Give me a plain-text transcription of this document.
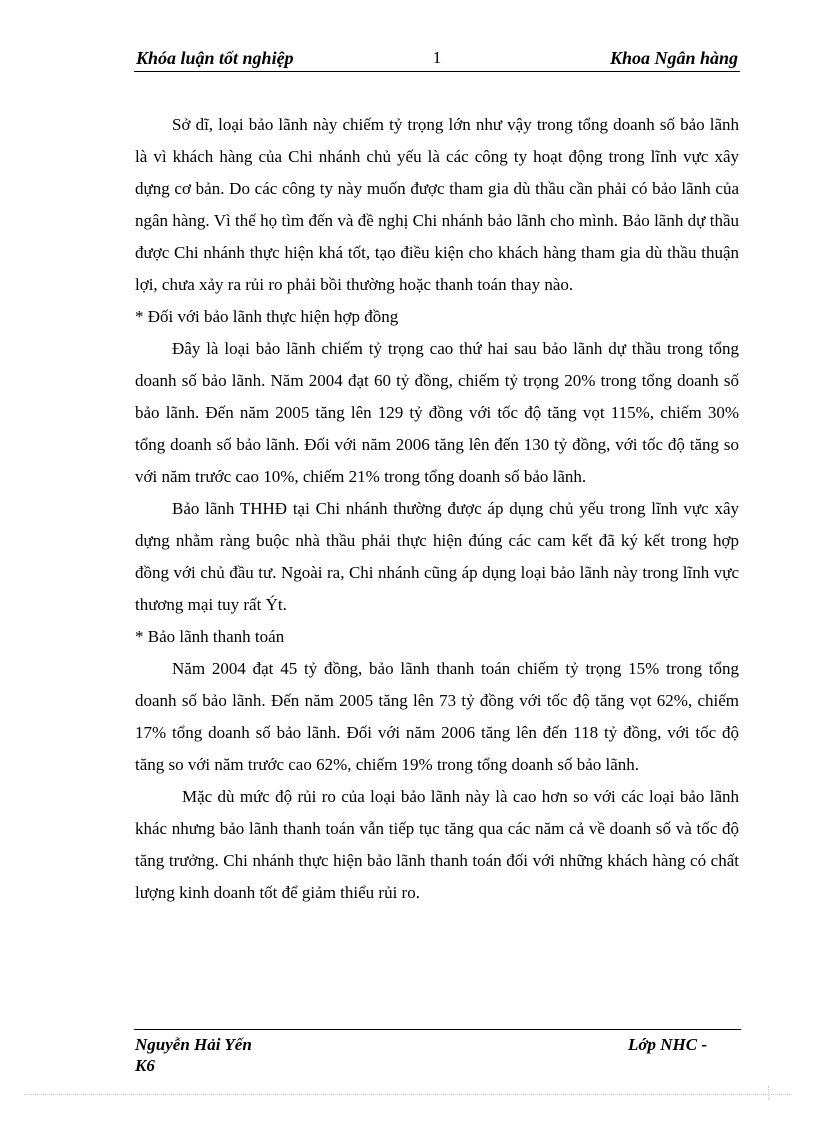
Khóa luận tốt nghiệp	1	Khoa Ngân hàng

Sở dĩ, loại bảo lãnh này chiếm tỷ trọng lớn như vậy trong tổng doanh số bảo lãnh là vì khách hàng của Chi nhánh chủ yếu là các công ty hoạt động trong lĩnh vực xây dựng cơ bản. Do các công ty này muốn được tham gia dù thầu cần phải có bảo lãnh của ngân hàng. Vì thế họ tìm đến và đề nghị Chi nhánh bảo lãnh cho mình. Bảo lãnh dự thầu được Chi nhánh thực hiện khá tốt, tạo điều kiện cho khách hàng tham gia dù thầu thuận lợi, chưa xảy ra rủi ro phải bồi thường hoặc thanh toán thay nào.

* Đối với bảo lãnh thực hiện hợp đồng

Đây là loại bảo lãnh chiếm tỷ trọng cao thứ hai sau bảo lãnh dự thầu trong tổng doanh số bảo lãnh. Năm 2004 đạt 60 tỷ đồng, chiếm tỷ trọng 20% trong tổng doanh số bảo lãnh. Đến năm 2005 tăng lên 129 tỷ đồng với tốc độ tăng vọt 115%, chiếm 30% tổng doanh số bảo lãnh. Đối với năm 2006 tăng lên đến 130 tỷ đồng, với tốc độ tăng so với năm trước cao 10%, chiếm 21% trong tổng doanh số bảo lãnh.

Bảo lãnh THHĐ tại Chi nhánh thường được áp dụng chủ yếu trong lĩnh vực xây dựng nhằm ràng buộc nhà thầu phải thực hiện đúng các cam kết đã ký kết trong hợp đồng với chủ đầu tư. Ngoài ra, Chi nhánh cũng áp dụng loại bảo lãnh này trong lĩnh vực thương mại tuy rất Ýt.

* Bảo lãnh thanh toán

Năm 2004 đạt 45 tỷ đồng, bảo lãnh thanh toán chiếm tỷ trọng 15% trong tổng doanh số bảo lãnh. Đến năm 2005 tăng lên 73 tỷ đồng với tốc độ tăng vọt 62%, chiếm 17% tổng doanh số bảo lãnh. Đối với năm 2006 tăng lên đến 118 tỷ đồng, với tốc độ tăng so với năm trước cao 62%, chiếm 19% trong tổng doanh số bảo lãnh.

Mặc dù mức độ rủi ro của loại bảo lãnh này là cao hơn so với các loại bảo lãnh khác nhưng bảo lãnh thanh toán vẫn tiếp tục tăng qua các năm cả về doanh số và tốc độ tăng trưởng. Chi nhánh thực hiện bảo lãnh thanh toán đối với những khách hàng có chất lượng kinh doanh tốt để giảm thiểu rủi ro.

Nguyễn Hải Yến	Lớp NHC -
K6
